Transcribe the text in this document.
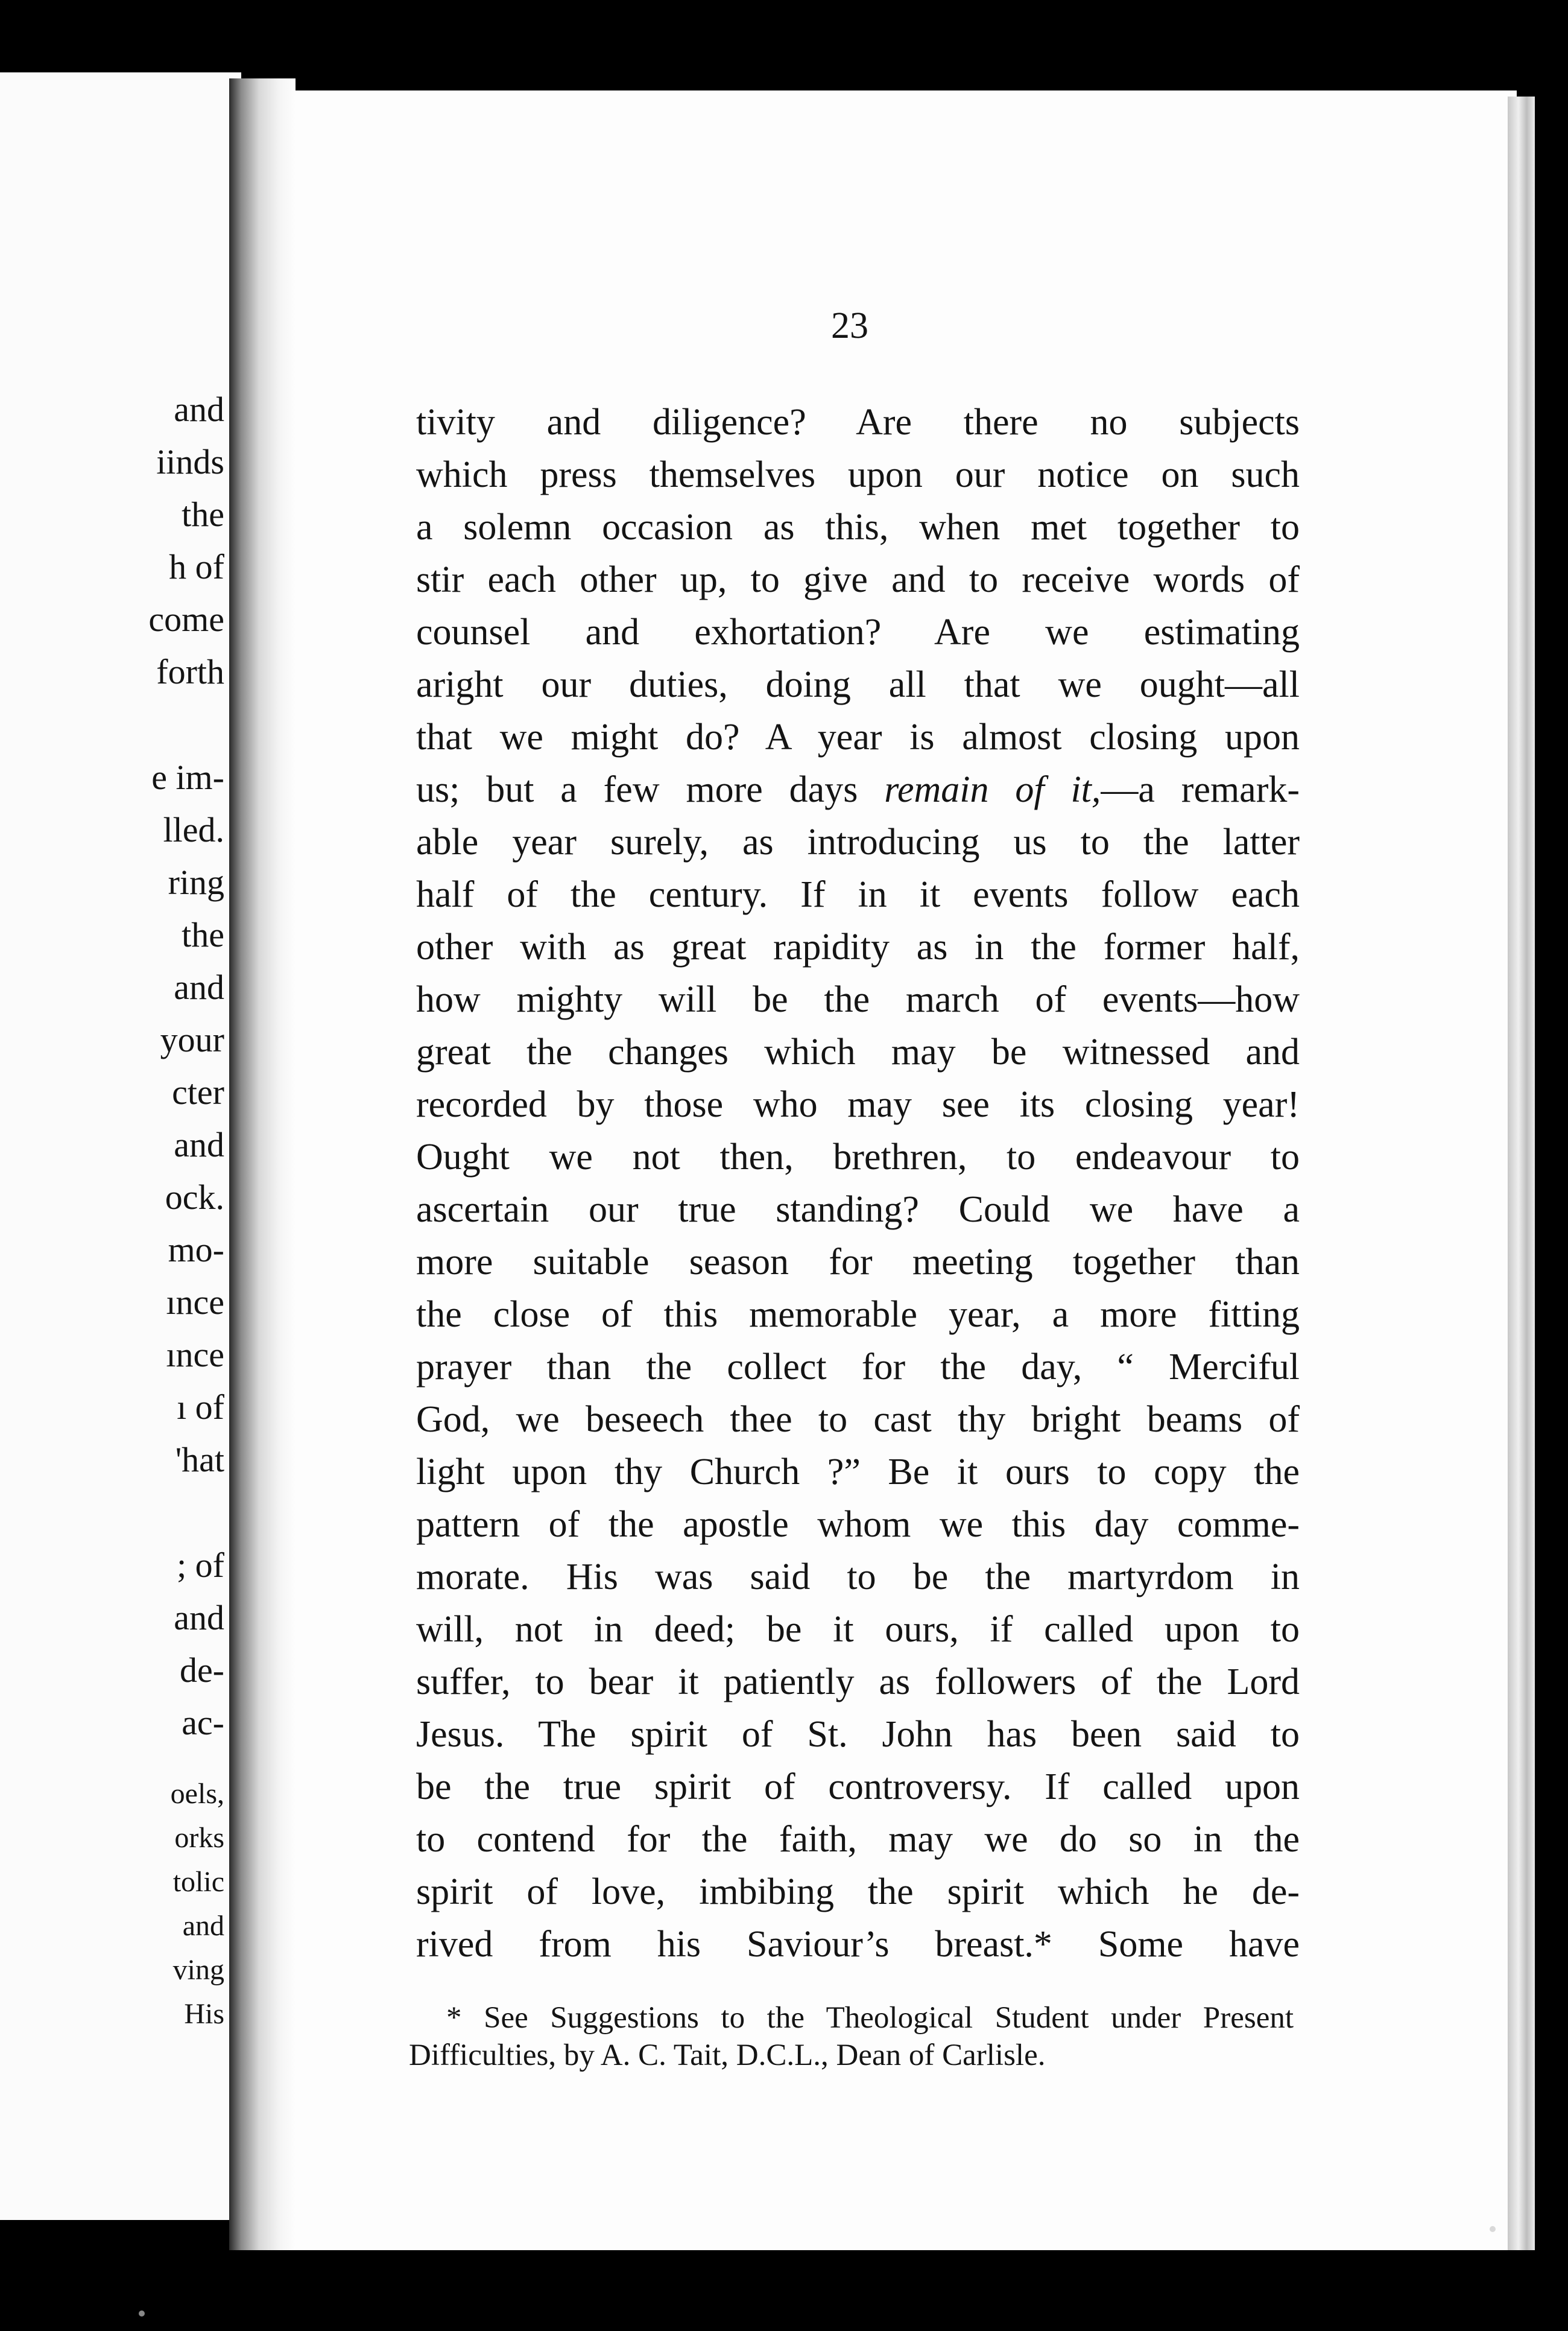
and
iinds
the
h of
come
forth
e im-
lled.
ring
the
and
your
cter
and
ock.
mo-
ınce
ınce
ı of
'hat
; of
and
de-
ac-
oels,
orks
tolic
and
ving
His
23
tivity and diligence? Are there no subjects
which press themselves upon our notice on such
a solemn occasion as this, when met together to
stir each other up, to give and to receive words of
counsel and exhortation? Are we estimating
aright our duties, doing all that we ought—all
that we might do? A year is almost closing upon
us; but a few more days remain of it,—a remark-
able year surely, as introducing us to the latter
half of the century. If in it events follow each
other with as great rapidity as in the former half,
how mighty will be the march of events—how
great the changes which may be witnessed and
recorded by those who may see its closing year!
Ought we not then, brethren, to endeavour to
ascertain our true standing? Could we have a
more suitable season for meeting together than
the close of this memorable year, a more fitting
prayer than the collect for the day, “ Merciful
God, we beseech thee to cast thy bright beams of
light upon thy Church ?” Be it ours to copy the
pattern of the apostle whom we this day comme-
morate. His was said to be the martyrdom in
will, not in deed; be it ours, if called upon to
suffer, to bear it patiently as followers of the Lord
Jesus. The spirit of St. John has been said to
be the true spirit of controversy. If called upon
to contend for the faith, may we do so in the
spirit of love, imbibing the spirit which he de-
rived from his Saviour’s breast.* Some have
* See Suggestions to the Theological Student under Present
Difficulties, by A. C. Tait, D.C.L., Dean of Carlisle.
